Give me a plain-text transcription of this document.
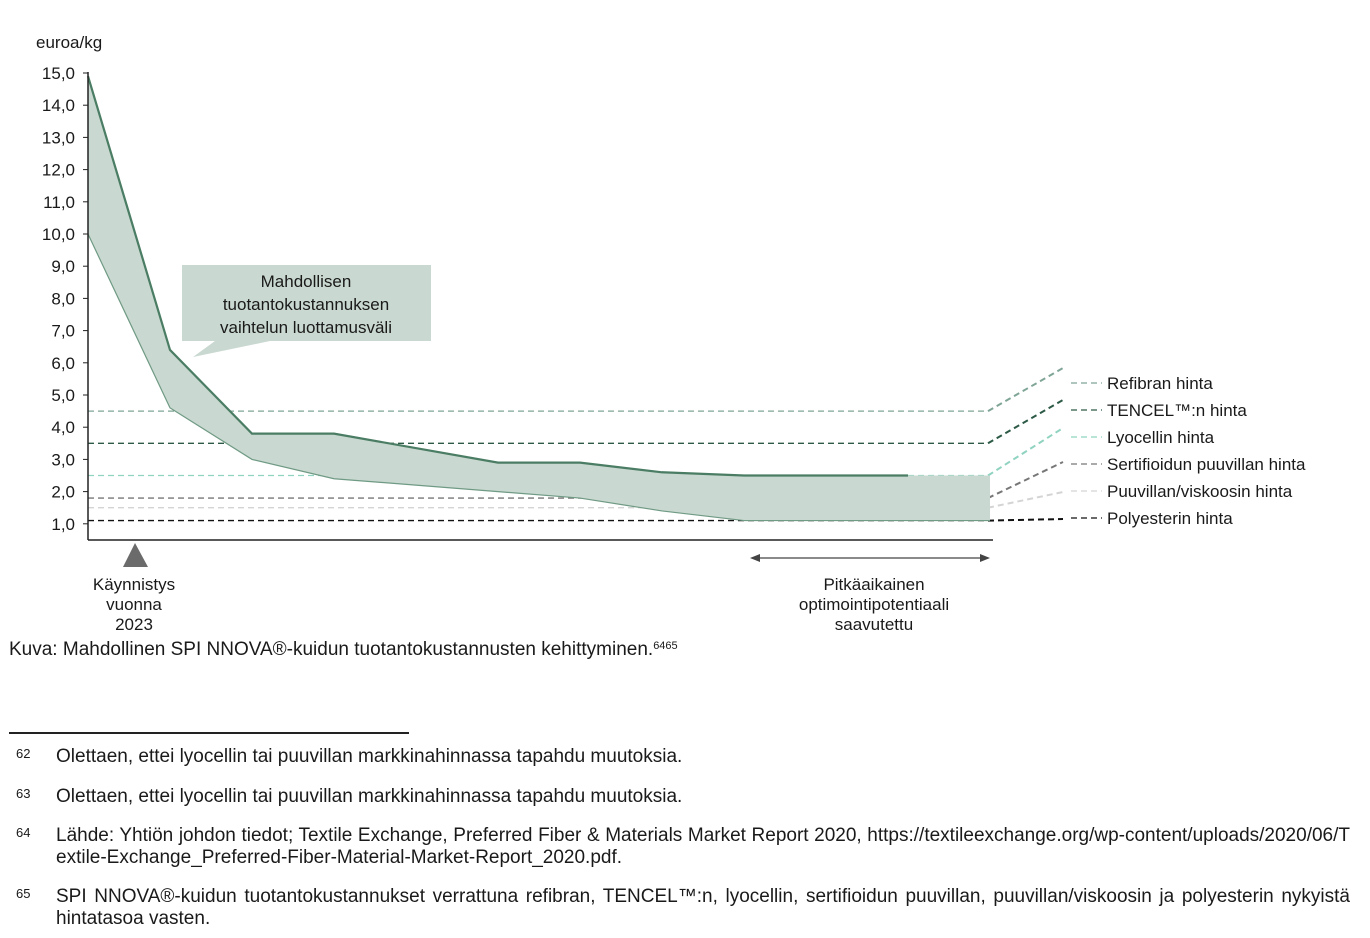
Refibran hinta
TENCEL™:n hinta
Lyocellin hinta
Sertifioidun puuvillan hinta
Puuvillan/viskoosin hinta
Polyesterin hinta
15,0
14,0
13,0
12,0
11,0
10,0
9,0
8,0
7,0
6,0
5,0
4,0
3,0
2,0
1,0
euroa/kg
Mahdollisen
tuotantokustannuksen
vaihtelun luottamusväli
Käynnistys
vuonna
2023
Pitkäaikainen
optimointipotentiaali
saavutettu
Kuva: Mahdollinen SPI NNOVA®-kuidun tuotantokustannusten kehittyminen.$^{6465}$
62 Olettaen, ettei lyocellin tai puuvillan markkinahinnassa tapahdu muutoksia.
63 Olettaen, ettei lyocellin tai puuvillan markkinahinnassa tapahdu muutoksia.
64 Lähde: Yhtiön johdon tiedot; Textile Exchange, Preferred Fiber & Materials Market Report 2020, https://textileexchange.org/wp-content/uploads/2020/06/Textile-Exchange_Preferred-Fiber-Material-Market-Report_2020.pdf.
65 SPI NNOVA®-kuidun tuotantokustannukset verrattuna refibran, TENCEL™:n, lyocellin, sertifioidun puuvillan, puuvillan/viskoosin ja polyesterin nykyistä hintatasoa vasten.
